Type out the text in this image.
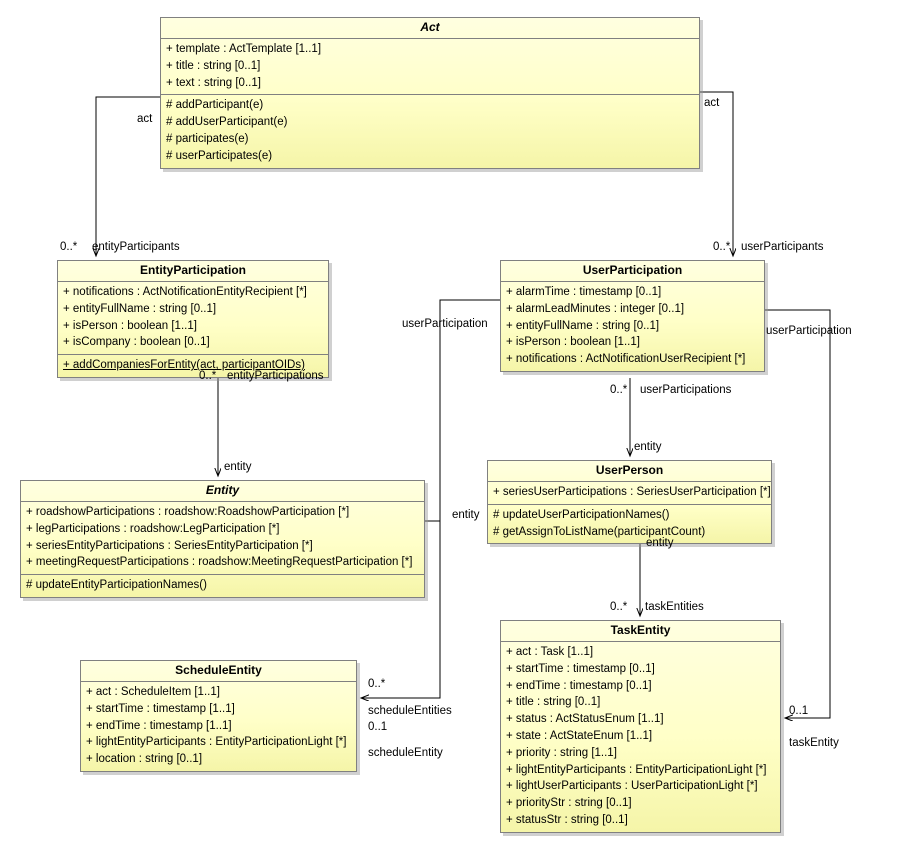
Act
+ template : ActTemplate [1..1]
+ title : string [0..1]
+ text : string [0..1]
# addParticipant(e)
# addUserParticipant(e)
# participates(e)
# userParticipates(e)
EntityParticipation
+ notifications : ActNotificationEntityRecipient [*]
+ entityFullName : string [0..1]
+ isPerson : boolean [1..1]
+ isCompany : boolean [0..1]
+ addCompaniesForEntity(act, participantOIDs)
UserParticipation
+ alarmTime : timestamp [0..1]
+ alarmLeadMinutes : integer [0..1]
+ entityFullName : string [0..1]
+ isPerson : boolean [1..1]
+ notifications : ActNotificationUserRecipient [*]
Entity
+ roadshowParticipations : roadshow:RoadshowParticipation [*]
+ legParticipations : roadshow:LegParticipation [*]
+ seriesEntityParticipations : SeriesEntityParticipation [*]
+ meetingRequestParticipations : roadshow:MeetingRequestParticipation [*]
# updateEntityParticipationNames()
UserPerson
+ seriesUserParticipations : SeriesUserParticipation [*]
# updateUserParticipationNames()
# getAssignToListName(participantCount)
ScheduleEntity
+ act : ScheduleItem [1..1]
+ startTime : timestamp [1..1]
+ endTime : timestamp [1..1]
+ lightEntityParticipants : EntityParticipationLight [*]
+ location : string [0..1]
TaskEntity
+ act : Task [1..1]
+ startTime : timestamp [0..1]
+ endTime : timestamp [0..1]
+ title : string [0..1]
+ status : ActStatusEnum [1..1]
+ state : ActStateEnum [1..1]
+ priority : string [1..1]
+ lightEntityParticipants : EntityParticipationLight [*]
+ lightUserParticipants : UserParticipationLight [*]
+ priorityStr : string [0..1]
+ statusStr : string [0..1]
act
act
0..* entityParticipants	0..* userParticipants
0..* entityParticipations
userParticipation
userParticipation
0..* userParticipations
entity
entity
entity
entity
0..* taskEntities
0..*
scheduleEntities
0..1
scheduleEntity
0..1
taskEntity
